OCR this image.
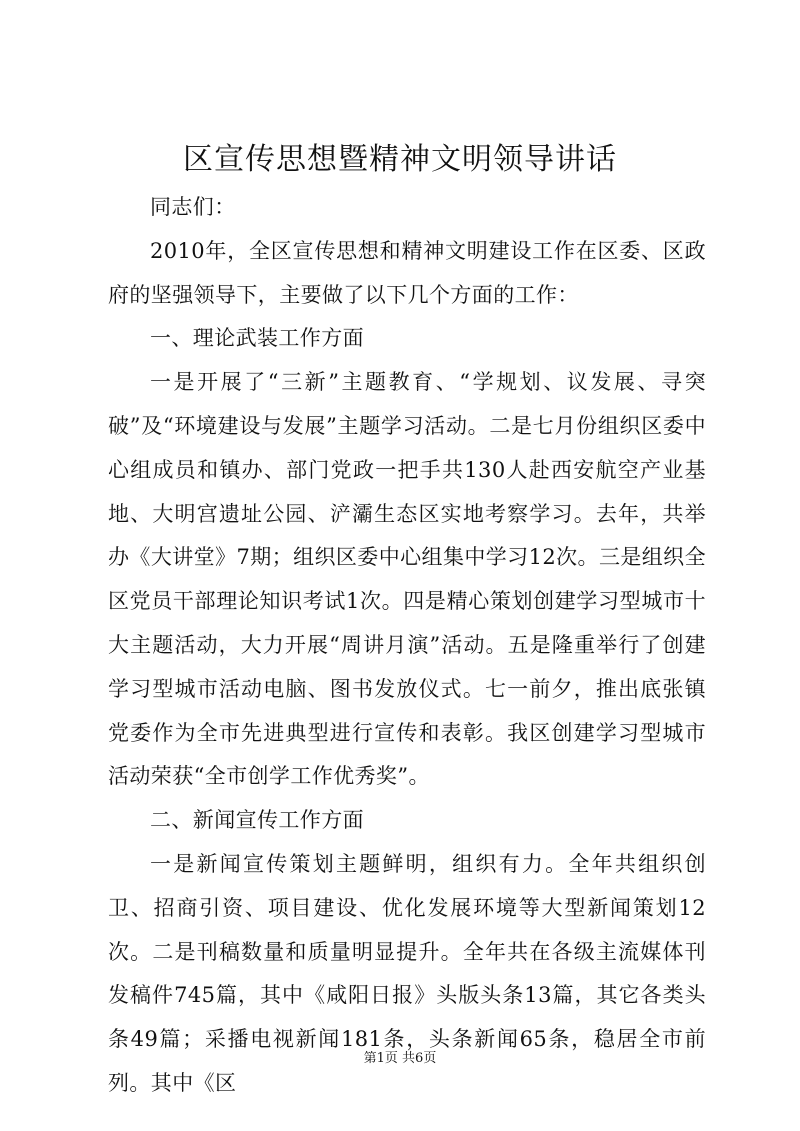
区宣传思想暨精神文明领导讲话

同志们：

2010年，全区宣传思想和精神文明建设工作在区委、区政府的坚强领导下，主要做了以下几个方面的工作：

一、理论武装工作方面

一是开展了“三新”主题教育、“学规划、议发展、寻突破”及“环境建设与发展”主题学习活动。二是七月份组织区委中心组成员和镇办、部门党政一把手共130人赴西安航空产业基地、大明宫遗址公园、浐灞生态区实地考察学习。去年，共举办《大讲堂》7期；组织区委中心组集中学习12次。三是组织全区党员干部理论知识考试1次。四是精心策划创建学习型城市十大主题活动，大力开展“周讲月演”活动。五是隆重举行了创建学习型城市活动电脑、图书发放仪式。七一前夕，推出底张镇党委作为全市先进典型进行宣传和表彰。我区创建学习型城市活动荣获“全市创学工作优秀奖”。

二、新闻宣传工作方面

一是新闻宣传策划主题鲜明，组织有力。全年共组织创卫、招商引资、项目建设、优化发展环境等大型新闻策划12次。二是刊稿数量和质量明显提升。全年共在各级主流媒体刊发稿件745篇，其中《咸阳日报》头版头条13篇，其它各类头条49篇；采播电视新闻181条，头条新闻65条，稳居全市前列。其中《区

第1页 共6页
